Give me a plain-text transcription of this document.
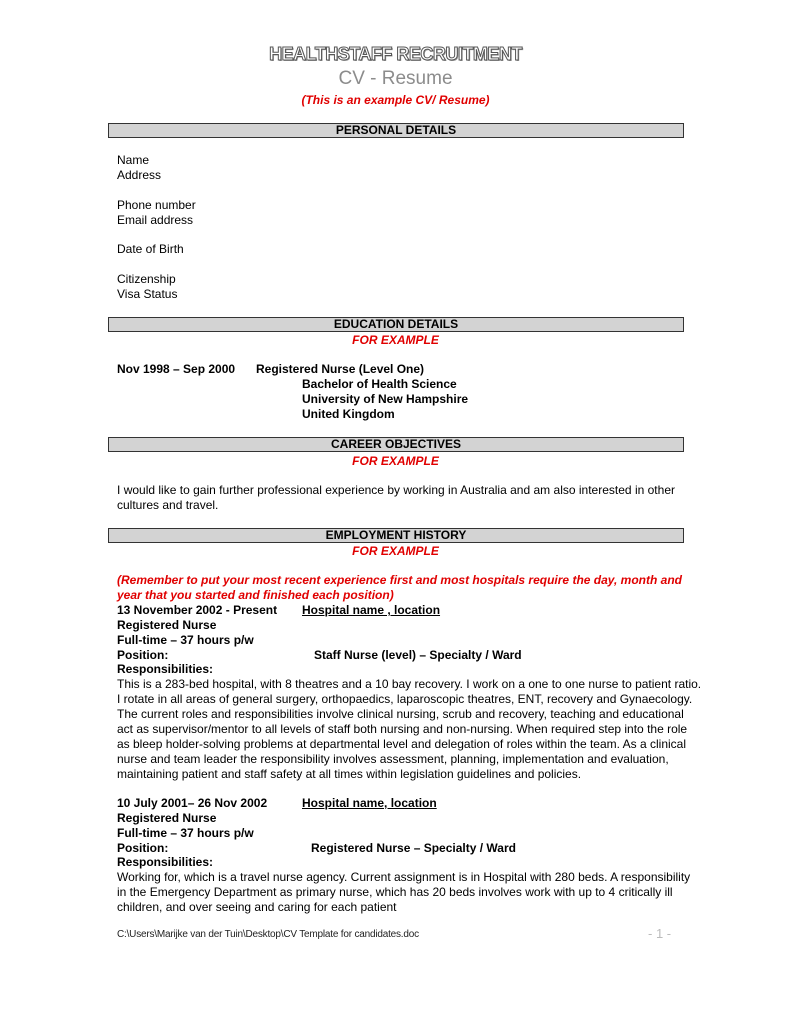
HEALTHSTAFF RECRUITMENT
CV - Resume
(This is an example CV/ Resume)
PERSONAL DETAILS
Name
Address
Phone number
Email address
Date of Birth
Citizenship
Visa Status
EDUCATION DETAILS
FOR EXAMPLE
Nov 1998 – Sep 2000 Registered Nurse (Level One)
Bachelor of Health Science
University of New Hampshire
United Kingdom
CAREER OBJECTIVES
FOR EXAMPLE
I would like to gain further professional experience by working in Australia and am also interested in other cultures and travel.
EMPLOYMENT HISTORY
FOR EXAMPLE
(Remember to put your most recent experience first and most hospitals require the day, month and
year that you started and finished each position)
13 November 2002 - Present Hospital name , location
Registered Nurse
Full-time – 37 hours p/w
Position:	Staff Nurse (level) – Specialty / Ward
Responsibilities:
This is a 283-bed hospital, with 8 theatres and a 10 bay recovery. I work on a one to one nurse to patient ratio.
I rotate in all areas of general surgery, orthopaedics, laparoscopic theatres, ENT, recovery and Gynaecology.
The current roles and responsibilities involve clinical nursing, scrub and recovery, teaching and educational
act as supervisor/mentor to all levels of staff both nursing and non-nursing. When required step into the role
as bleep holder-solving problems at departmental level and delegation of roles within the team. As a clinical
nurse and team leader the responsibility involves assessment, planning, implementation and evaluation,
maintaining patient and staff safety at all times within legislation guidelines and policies.
10 July 2001– 26 Nov 2002	Hospital name, location
Registered Nurse
Full-time – 37 hours p/w
Position:	Registered Nurse – Specialty / Ward
Responsibilities:
Working for, which is a travel nurse agency. Current assignment is in Hospital with 280 beds. A responsibility
in the Emergency Department as primary nurse, which has 20 beds involves work with up to 4 critically ill
children, and over seeing and caring for each patient
C:\Users\Marijke van der Tuin\Desktop\CV Template for candidates.doc	- 1 -
